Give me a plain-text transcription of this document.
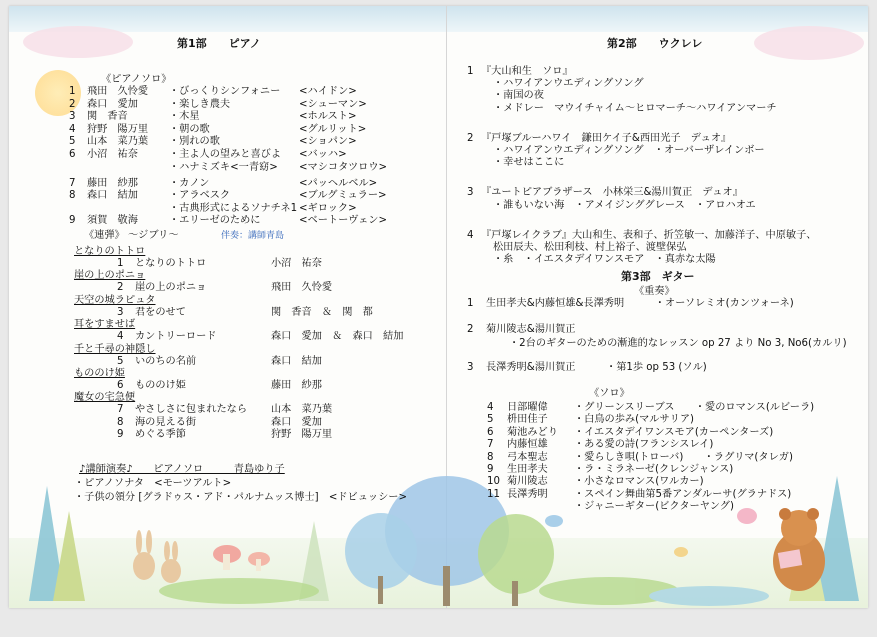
第1部　　ピアノ
《ピアノソロ》
1 飛田　久怜愛 ・びっくりシンフォニー <ハイドン>
2 森口　愛加	・楽しき農夫	<シューマン>
3 関　香音	・木星	<ホルスト>
4 狩野　陽万里 ・朝の歌	<グルリット>
5 山本　菜乃葉 ・別れの歌	<ショパン>
6 小沼　祐奈	・主よ人の望みと喜びよ <バッハ>
・ハナミズキ<一青窈> <マシコタツロウ>
7 藤田　紗那	・カノン	<パッヘルベル>
8 森口　結加	・アラベスク	<ブルグミュラー>
・古典形式によるソナチネ1 <ギロック>
9 須賀　敬海	・エリーゼのために	<ベートーヴェン>
《連弾》 ～ジブリ～	伴奏：講師青島
となりのトトロ
1 となりのトトロ	小沼　祐奈
崖の上のポニョ
2 崖の上のポニョ	飛田　久怜愛
天空の城ラピュタ
3 君をのせて	関　香音　＆　関　都
耳をすませば
4 カントリーロード	森口　愛加　＆　森口　結加
千と千尋の神隠し
5 いのちの名前	森口　結加
もののけ姫
6 もののけ姫	藤田　紗那
魔女の宅急便
7 やさしさに包まれたなら 山本　菜乃葉
8 海の見える街	森口　愛加
9 めぐる季節	狩野　陽万里
♪講師演奏♪　　ピアノソロ　　　青島ゆり子
・ピアノソナタ　<モーツアルト>
・子供の領分 [グラドゥス・アド・パルナムッス博士]　<ドビュッシー>
第2部　　ウクレレ
1 『大山和生　ソロ』
・ハワイアンウエディングソング
・南国の夜
・メドレー　マウイチャイム～ヒロマーチ～ハワイアンマーチ
2 『戸塚ブルーハワイ　鎌田ケイ子&西田光子　デュオ』
・ハワイアンウエディングソング　・オーバーザレインボー
・幸せはここに
3 『ユートピアブラザース　小林栄三&湯川賀正　デュオ』
・誰もいない海　・アメイジンググレース　・アロハオエ
4 『戸塚レイクラブ』大山和生、表和子、折笠敏一、加藤洋子、中原敏子、
松田辰夫、松田利枝、村上裕子、渡壁保弘
・糸　・イエスタデイワンスモア　・真赤な太陽
第3部　ギター
《重奏》
1 生田孝夫&内藤恒雄&長澤秀明　　　・オーソレミオ(カンツォーネ)
2 菊川陵志&湯川賀正
・2台のギターのための漸進的なレッスン op 27 より No 3, No6(カルリ)
3 長澤秀明&湯川賀正　　　・第1歩 op 53 (ソル)
《ソロ》
4 日部曜偉	・グリーンスリーブス　　・愛のロマンス(ルビーラ)
5 枡田佳子	・白鳥の歩み(マルサリア)
6 菊池みどり ・イエスタデイワンスモア(カーペンターズ)
7 内藤恒雄	・ある愛の詩(フランシスレイ)
8 弓本聖志	・愛らしき唄(トローバ)　　・ラグリマ(タレガ)
9 生田孝夫	・ラ・ミラネーゼ(クレンジャンス)
10 菊川陵志	・小さなロマンス(ワルカー)
11 長澤秀明	・スペイン舞曲第5番アンダルーサ(グラナドス)
・ジャニーギター(ビクターヤング)
